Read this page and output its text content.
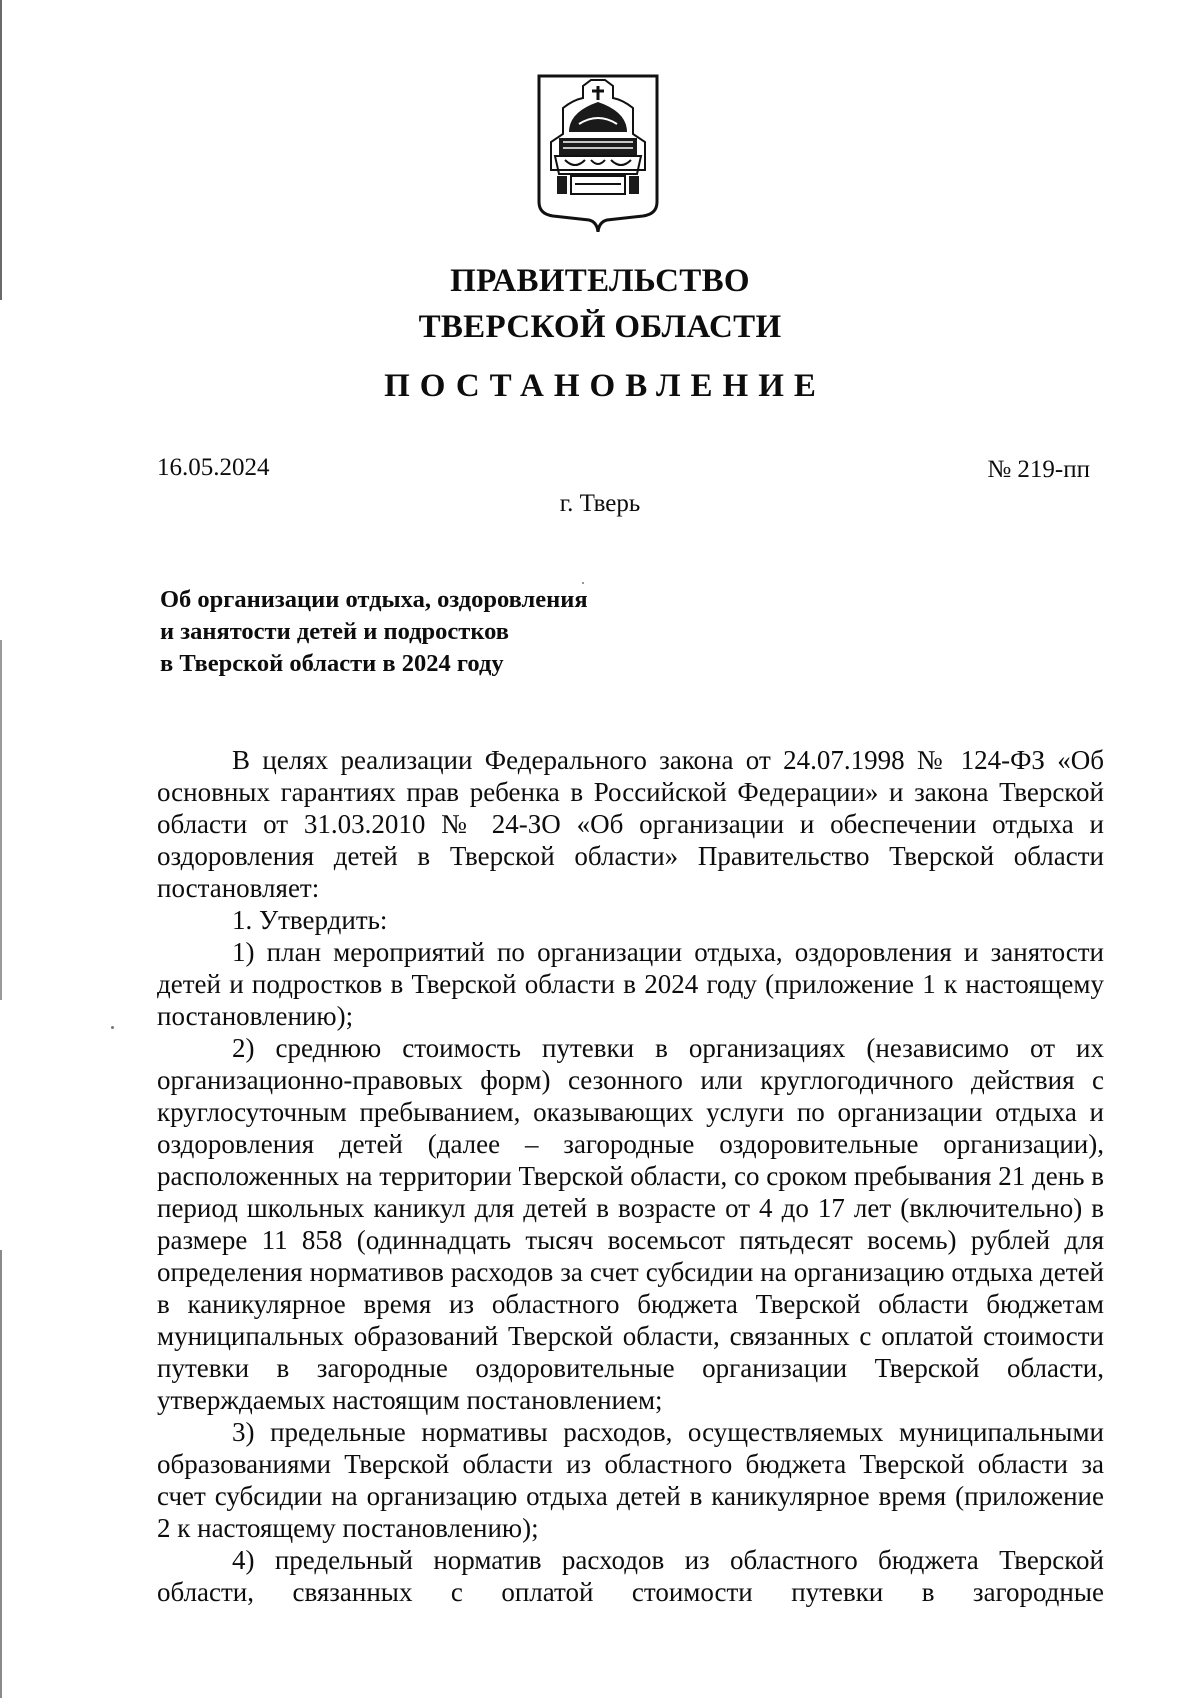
ПРАВИТЕЛЬСТВО
ТВЕРСКОЙ ОБЛАСТИ
ПОСТАНОВЛЕНИЕ
16.05.2024	№ 219-пп
г. Тверь
Об организации отдыха, оздоровления
и занятости детей и подростков
в Тверской области в 2024 году

В целях реализации Федерального закона от 24.07.1998 № 124-ФЗ «Об основных гарантиях прав ребенка в Российской Федерации» и закона Тверской области от 31.03.2010 № 24-ЗО «Об организации и обеспечении отдыха и оздоровления детей в Тверской области» Правительство Тверской области постановляет:

1. Утвердить:

1) план мероприятий по организации отдыха, оздоровления и занятости детей и подростков в Тверской области в 2024 году (приложение 1 к настоящему постановлению);

2) среднюю стоимость путевки в организациях (независимо от их организационно-правовых форм) сезонного или круглогодичного действия с круглосуточным пребыванием, оказывающих услуги по организации отдыха и оздоровления детей (далее – загородные оздоровительные организации), расположенных на территории Тверской области, со сроком пребывания 21 день в период школьных каникул для детей в возрасте от 4 до 17 лет (включительно) в размере 11 858 (одиннадцать тысяч восемьсот пятьдесят восемь) рублей для определения нормативов расходов за счет субсидии на организацию отдыха детей в каникулярное время из областного бюджета Тверской области бюджетам муниципальных образований Тверской области, связанных с оплатой стоимости путевки в загородные оздоровительные организации Тверской области, утверждаемых настоящим постановлением;

3) предельные нормативы расходов, осуществляемых муниципальными образованиями Тверской области из областного бюджета Тверской области за счет субсидии на организацию отдыха детей в каникулярное время (приложение 2 к настоящему постановлению);

4) предельный норматив расходов из областного бюджета Тверской области, связанных с оплатой стоимости путевки в загородные
